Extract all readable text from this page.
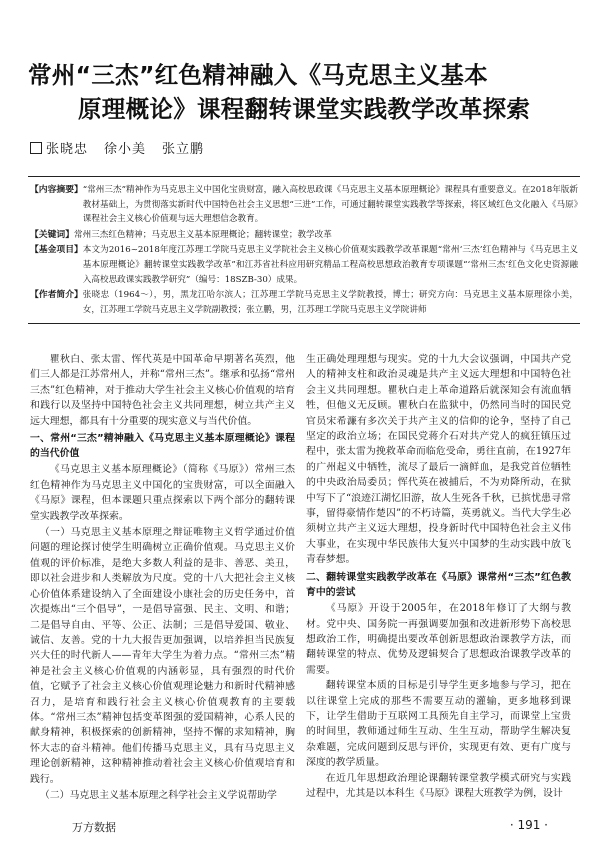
常州“三杰”红色精神融入《马克思主义基本
原理概论》课程翻转课堂实践教学改革探索
张晓忠 徐小美 张立鹏
【内容摘要】 “常州三杰”精神作为马克思主义中国化宝贵财富，融入高校思政课《马克思主义基本原理概论》课程具有重要意义。在2018年版新教材基础上，为贯彻落实新时代中国特色社会主义思想“三进”工作，可通过翻转课堂实践教学等探索，将区域红色文化融入《马原》课程社会主义核心价值观与远大理想信念教育。
【关键词】 常州三杰红色精神；马克思主义基本原理概论；翻转课堂；教学改革
【基金项目】 本文为2016~2018年度江苏理工学院马克思主义学院社会主义核心价值观实践教学改革课题“常州‘三杰’红色精神与《马克思主义基本原理概论》翻转课堂实践教学改革”和江苏省社科应用研究精品工程高校思想政治教育专项课题“‘常州三杰’红色文化史资源融入高校思政课实践教学研究”（编号：18SZB-30）成果。
【作者简介】 张晓忠（1964～），男，黑龙江哈尔滨人；江苏理工学院马克思主义学院教授，博士；研究方向：马克思主义基本原理徐小美，女，江苏理工学院马克思主义学院副教授；张立鹏，男，江苏理工学院马克思主义学院讲师

瞿秋白、张太雷、恽代英是中国革命早期著名英烈，他们三人都是江苏常州人，并称“常州三杰”。继承和弘扬“常州三杰”红色精神，对于推动大学生社会主义核心价值观的培育和践行以及坚持中国特色社会主义共同理想，树立共产主义远大理想，都具有十分重要的现实意义与当代价值。

一、常州“三杰”精神融入《马克思主义基本原理概论》课程的当代价值

《马克思主义基本原理概论》（简称《马原》）常州三杰红色精神作为马克思主义中国化的宝贵财富，可以全面融入《马原》课程，但本课题只重点探索以下两个部分的翻转课堂实践教学改革探索。

（一）马克思主义基本原理之辩证唯物主义哲学通过价值问题的理论探讨使学生明确树立正确价值观。马克思主义价值观的评价标准，是绝大多数人利益的是非、善恶、美丑，即以社会进步和人类解放为尺度。党的十八大把社会主义核心价值体系建设纳入了全面建设小康社会的历史任务中，首次提炼出“三个倡导”，一是倡导富强、民主、文明、和谐；二是倡导自由、平等、公正、法制；三是倡导爱国、敬业、诚信、友善。党的十九大报告更加强调，以培养担当民族复兴大任的时代新人——青年大学生为着力点。“常州三杰”精神是社会主义核心价值观的内涵彰显，具有强烈的时代价值，它赋予了社会主义核心价值观理论魅力和新时代精神感召力，是培育和践行社会主义核心价值观教育的主要载体。“常州三杰”精神包括变革图强的爱国精神，心系人民的献身精神，积极探索的创新精神，坚持不懈的求知精神，胸怀大志的奋斗精神。他们传播马克思主义，具有马克思主义理论创新精神，这种精神推动着社会主义核心价值观培育和践行。

（二）马克思主义基本原理之科学社会主义学说帮助学

生正确处理理想与现实。党的十九大会议强调，中国共产党人的精神支柱和政治灵魂是共产主义远大理想和中国特色社会主义共同理想。瞿秋白走上革命道路后就深知会有流血牺牲，但他义无反顾。瞿秋白在监狱中，仍然同当时的国民党官员宋希濂有多次关于共产主义的信仰的论争，坚持了自己坚定的政治立场；在国民党蒋介石对共产党人的疯狂镇压过程中，张太雷为挽救革命而临危受命，勇往直前，在1927年的广州起义中牺牲，流尽了最后一滴鲜血，是我党首位牺牲的中央政治局委员；恽代英在被捕后，不为劝降所动，在狱中写下了“浪迹江湖忆旧游，故人生死各千秋，已摈忧患寻常事，留得豪情作楚囚”的不朽诗篇，英勇就义。当代大学生必须树立共产主义远大理想，投身新时代中国特色社会主义伟大事业，在实现中华民族伟大复兴中国梦的生动实践中放飞青春梦想。

二、翻转课堂实践教学改革在《马原》课常州“三杰”红色教育中的尝试

《马原》开设于2005年，在2018年修订了大纲与教材。党中央、国务院一再强调要加强和改进新形势下高校思想政治工作，明确提出要改革创新思想政治课教学方法，而翻转课堂的特点、优势及逻辑契合了思想政治课教学改革的需要。

翻转课堂本质的目标是引导学生更多地参与学习，把在以往课堂上完成的那些不需要互动的灌输，更多地移到课下，让学生借助于互联网工具预先自主学习，而课堂上宝贵的时间里，教师通过师生互动、生生互动，帮助学生解决复杂难题，完成问题到反思与评价，实现更有效、更有广度与深度的教学质量。

在近几年思想政治理论课翻转课堂教学模式研究与实践过程中，尤其是以本科生《马原》课程大班教学为例，设计

万方数据	· 191 ·
